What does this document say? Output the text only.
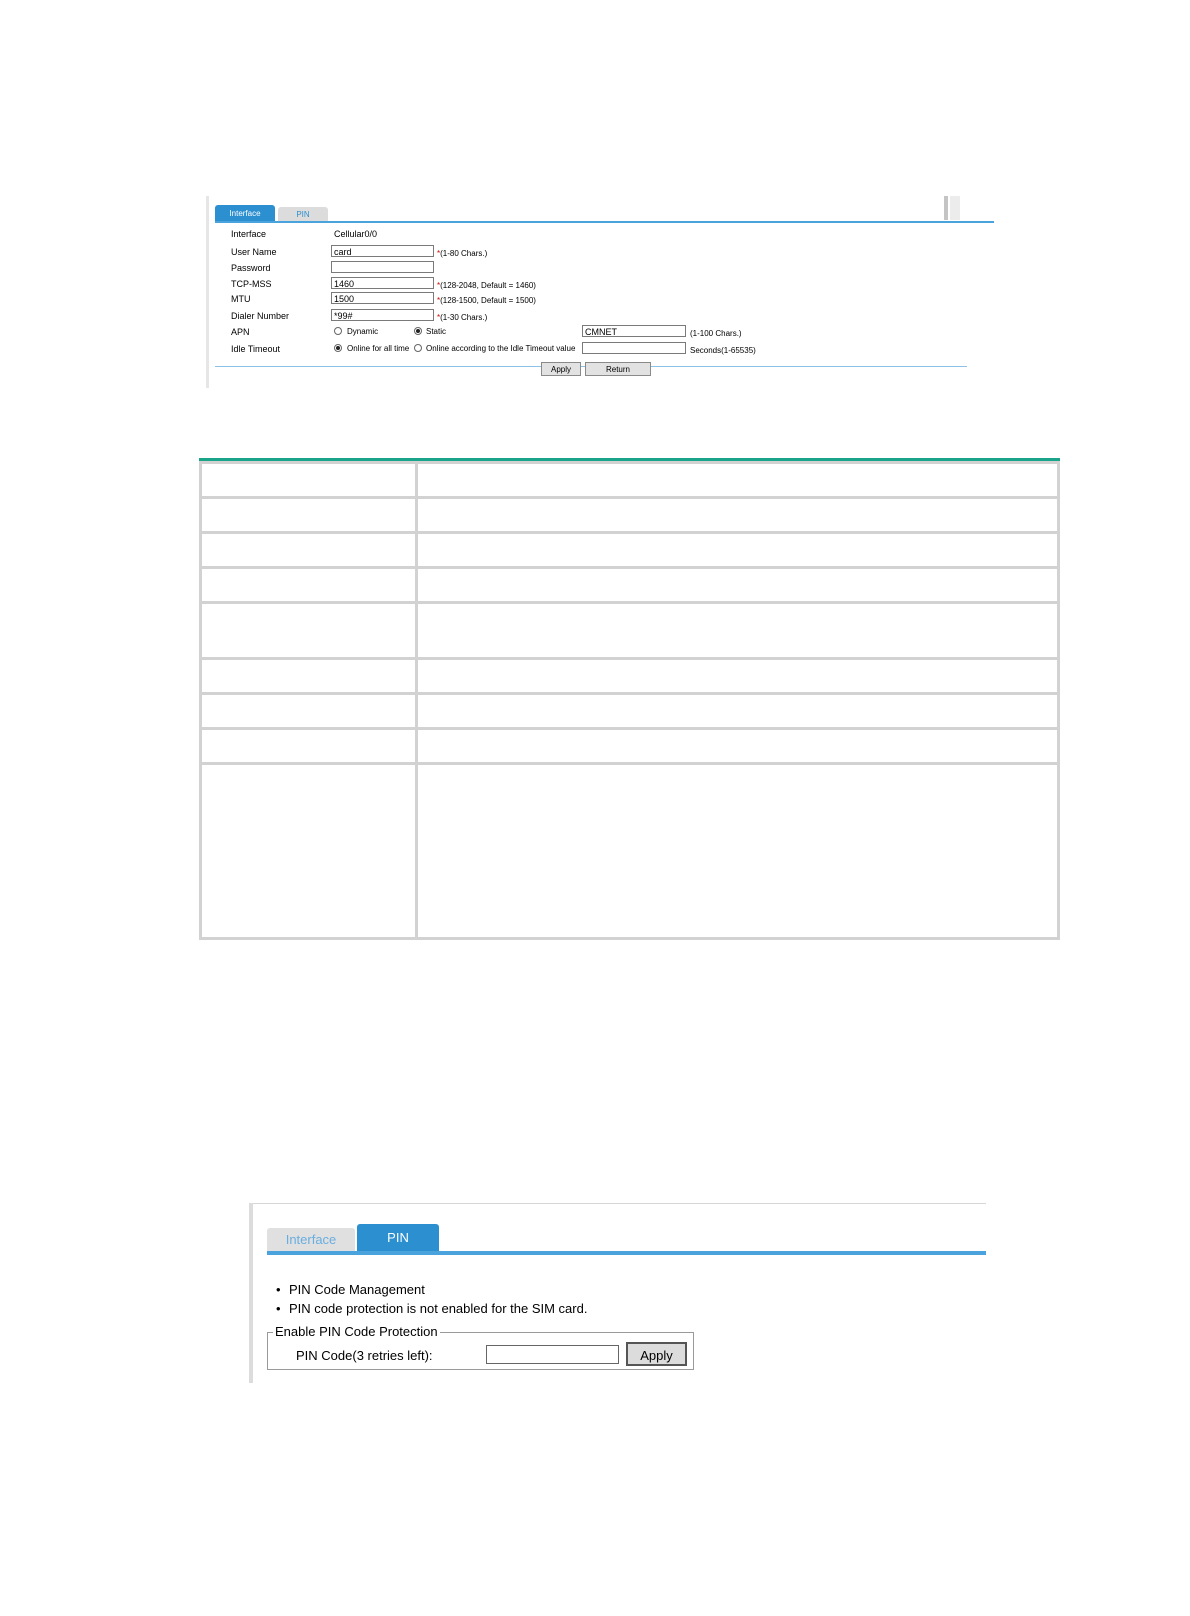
Interface	PIN
Interface	Cellular0/0
User Name	card	*(1-80 Chars.)
Password
TCP-MSS	1460	*(128-2048, Default = 1460)
MTU	1500	*(128-1500, Default = 1500)
Dialer Number	*99#	*(1-30 Chars.)
APN	Dynamic	Static	CMNET	(1-100 Chars.)
Idle Timeout	Online for all time Online according to the Idle Timeout value	Seconds(1-65535)
Apply	Return

Interface	PIN
• PIN Code Management
• PIN code protection is not enabled for the SIM card.
Enable PIN Code Protection
PIN Code(3 retries left):	Apply
